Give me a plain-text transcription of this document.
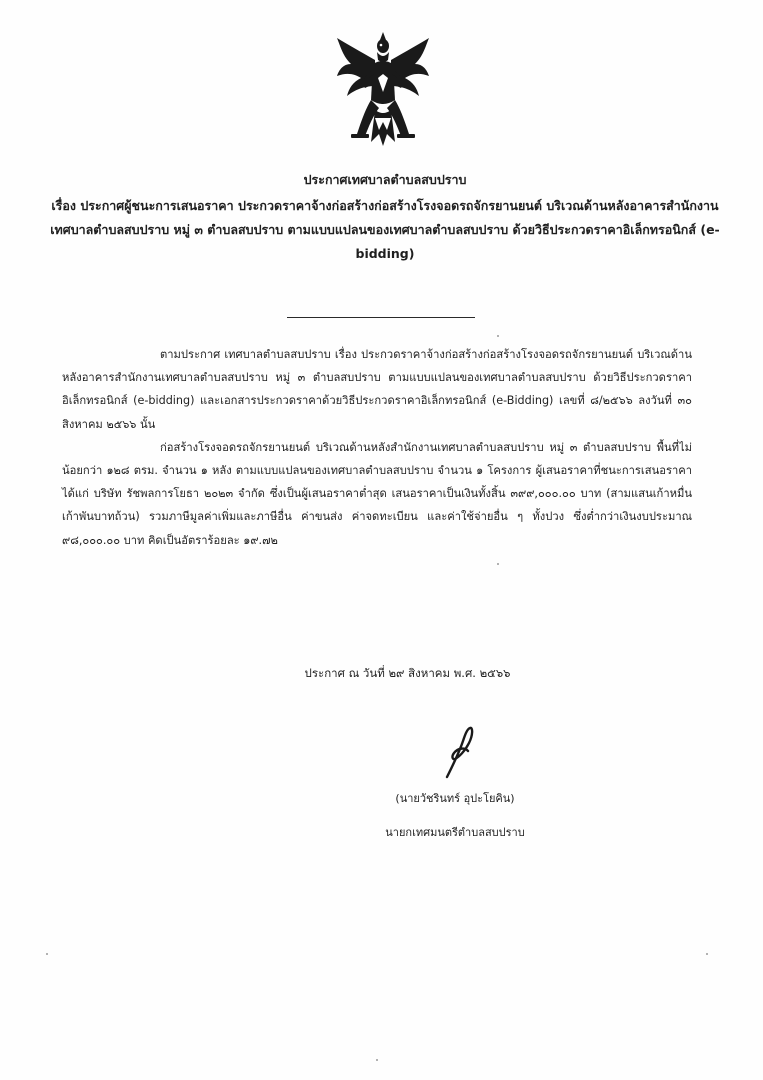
ประกาศเทศบาลตำบลสบปราบ
เรื่อง ประกาศผู้ชนะการเสนอราคา ประกวดราคาจ้างก่อสร้างก่อสร้างโรงจอดรถจักรยานยนต์ บริเวณด้านหลังอาคารสำนักงานเทศบาลตำบลสบปราบ หมู่ ๓ ตำบลสบปราบ ตามแบบแปลนของเทศบาลตำบลสบปราบ ด้วยวิธีประกวดราคาอิเล็กทรอนิกส์ (e-bidding)

ตามประกาศ เทศบาลตำบลสบปราบ เรื่อง ประกวดราคาจ้างก่อสร้างก่อสร้างโรงจอดรถจักรยานยนต์ บริเวณด้านหลังอาคารสำนักงานเทศบาลตำบลสบปราบ หมู่ ๓ ตำบลสบปราบ ตามแบบแปลนของเทศบาลตำบลสบปราบ ด้วยวิธีประกวดราคาอิเล็กทรอนิกส์ (e-bidding) และเอกสารประกวดราคาด้วยวิธีประกวดราคาอิเล็กทรอนิกส์ (e-Bidding) เลขที่ ๘/๒๕๖๖ ลงวันที่ ๓๐ สิงหาคม ๒๕๖๖ นั้น

ก่อสร้างโรงจอดรถจักรยานยนต์ บริเวณด้านหลังสำนักงานเทศบาลตำบลสบปราบ หมู่ ๓ ตำบลสบปราบ พื้นที่ไม่น้อยกว่า ๑๒๘ ตรม. จำนวน ๑ หลัง ตามแบบแปลนของเทศบาลตำบลสบปราบ จำนวน ๑ โครงการ ผู้เสนอราคาที่ชนะการเสนอราคา ได้แก่ บริษัท รัชพลการโยธา ๒๐๒๓ จำกัด ซึ่งเป็นผู้เสนอราคาต่ำสุด เสนอราคาเป็นเงินทั้งสิ้น ๓๙๙,๐๐๐.๐๐ บาท (สามแสนเก้าหมื่นเก้าพันบาทถ้วน) รวมภาษีมูลค่าเพิ่มและภาษีอื่น ค่าขนส่ง ค่าจดทะเบียน และค่าใช้จ่ายอื่น ๆ ทั้งปวง ซึ่งต่ำกว่าเงินงบประมาณ ๙๘,๐๐๐.๐๐ บาท คิดเป็นอัตราร้อยละ ๑๙.๗๒

ประกาศ ณ วันที่ ๒๙ สิงหาคม พ.ศ. ๒๕๖๖
(นายวัชรินทร์ อุปะโยคิน)
นายกเทศมนตรีตำบลสบปราบ
